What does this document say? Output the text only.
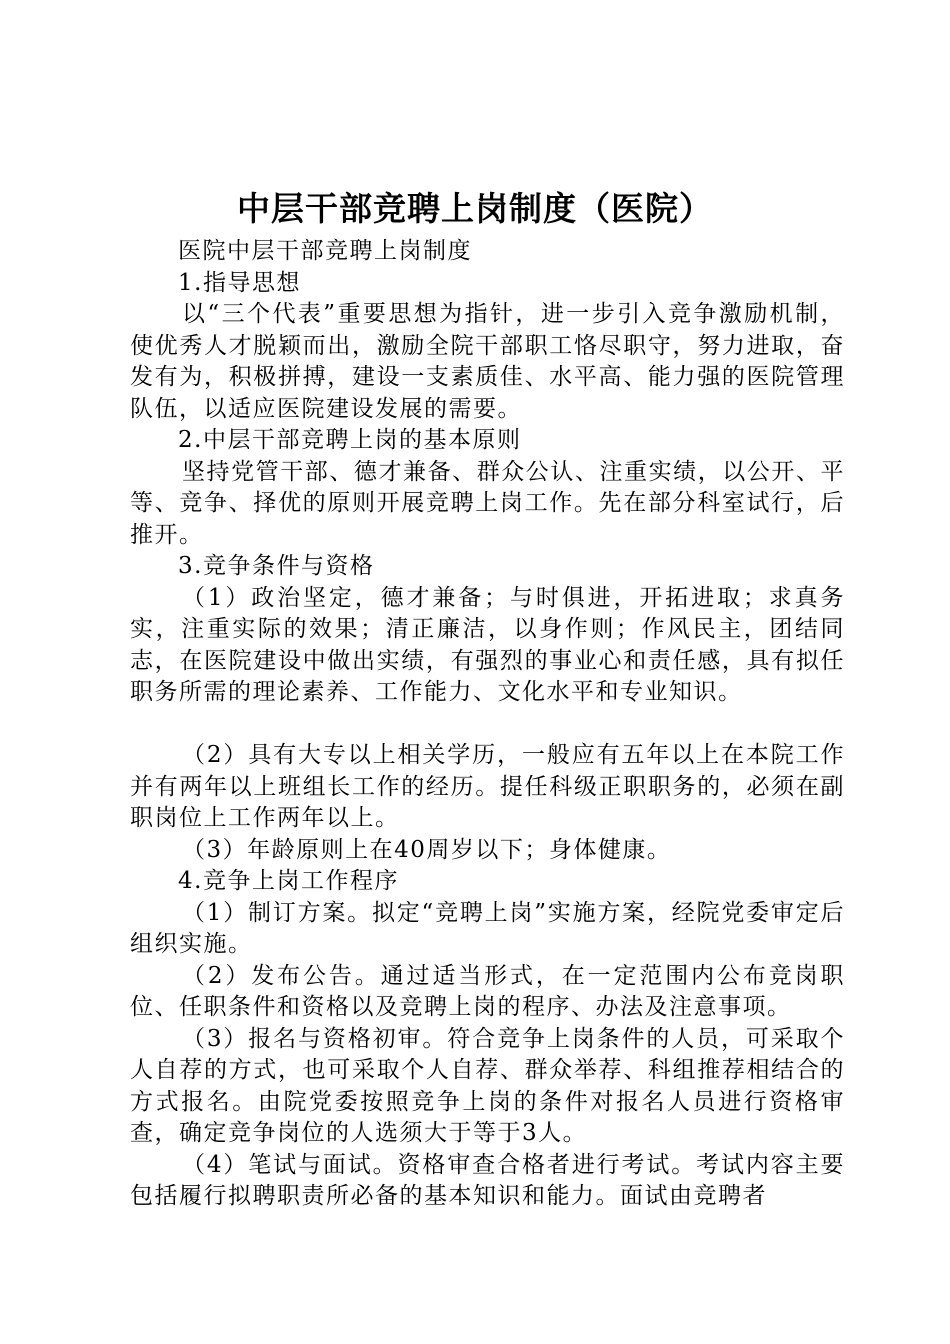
中层干部竞聘上岗制度（医院）

医院中层干部竞聘上岗制度

1.指导思想

以“三个代表”重要思想为指针，进一步引入竞争激励机制，使优秀人才脱颖而出，激励全院干部职工恪尽职守，努力进取，奋发有为，积极拼搏，建设一支素质佳、水平高、能力强的医院管理队伍，以适应医院建设发展的需要。

2.中层干部竞聘上岗的基本原则

坚持党管干部、德才兼备、群众公认、注重实绩，以公开、平等、竞争、择优的原则开展竞聘上岗工作。先在部分科室试行，后推开。

3.竞争条件与资格

（1）政治坚定，德才兼备；与时俱进，开拓进取；求真务实，注重实际的效果；清正廉洁，以身作则；作风民主，团结同志，在医院建设中做出实绩，有强烈的事业心和责任感，具有拟任职务所需的理论素养、工作能力、文化水平和专业知识。

（2）具有大专以上相关学历，一般应有五年以上在本院工作并有两年以上班组长工作的经历。提任科级正职职务的，必须在副职岗位上工作两年以上。

（3）年龄原则上在40周岁以下；身体健康。

4.竞争上岗工作程序

（1）制订方案。拟定“竞聘上岗”实施方案，经院党委审定后组织实施。

（2）发布公告。通过适当形式，在一定范围内公布竞岗职位、任职条件和资格以及竞聘上岗的程序、办法及注意事项。

（3）报名与资格初审。符合竞争上岗条件的人员，可采取个人自荐的方式，也可采取个人自荐、群众举荐、科组推荐相结合的方式报名。由院党委按照竞争上岗的条件对报名人员进行资格审查，确定竞争岗位的人选须大于等于3人。

（4）笔试与面试。资格审查合格者进行考试。考试内容主要包括履行拟聘职责所必备的基本知识和能力。面试由竞聘者
